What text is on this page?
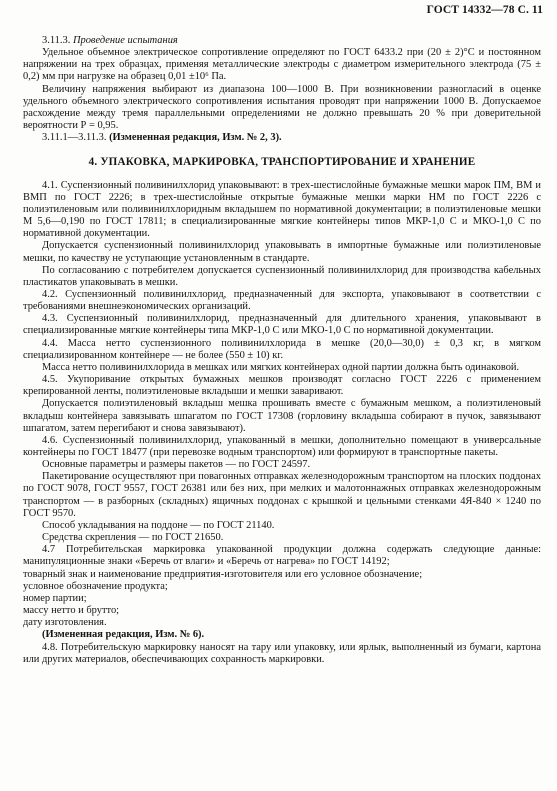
ГОСТ 14332—78 С. 11

3.11.3. Проведение испытания

Удельное объемное электрическое сопротивление определяют по ГОСТ 6433.2 при (20 ± 2)°С и постоянном напряжении на трех образцах, применяя металлические электроды с диаметром измерительного электрода (75 ± 0,2) мм при нагрузке на образец 0,01 ±10⁶ Па.

Величину напряжения выбирают из диапазона 100—1000 В. При возникновении разногласий в оценке удельного объемного электрического сопротивления испытания проводят при напряжении 1000 В. Допускаемое расхождение между тремя параллельными определениями не должно превышать 20 % при доверительной вероятности Р = 0,95.

3.11.1—3.11.3. (Измененная редакция, Изм. № 2, 3).

4. УПАКОВКА, МАРКИРОВКА, ТРАНСПОРТИРОВАНИЕ И ХРАНЕНИЕ

4.1. Суспензионный поливинилхлорид упаковывают: в трех-шестислойные бумажные мешки марок ПМ, ВМ и ВМП по ГОСТ 2226; в трех-шестислойные открытые бумажные мешки марки НМ по ГОСТ 2226 с полиэтиленовым или поливинилхлоридным вкладышем по нормативной документации; в полиэтиленовые мешки М 5,6—0,190 по ГОСТ 17811; в специализированные мягкие контейнеры типов МКР-1,0 С и МКО-1,0 С по нормативной документации.

Допускается суспензионный поливинилхлорид упаковывать в импортные бумажные или полиэтиленовые мешки, по качеству не уступающие установленным в стандарте.

По согласованию с потребителем допускается суспензионный поливинилхлорид для производства кабельных пластикатов упаковывать в мешки.

4.2. Суспензионный поливинилхлорид, предназначенный для экспорта, упаковывают в соответствии с требованиями внешнеэкономических организаций.

4.3. Суспензионный поливинилхлорид, предназначенный для длительного хранения, упаковывают в специализированные мягкие контейнеры типа МКР-1,0 С или МКО-1,0 С по нормативной документации.

4.4. Масса нетто суспензионного поливинилхлорида в мешке (20,0—30,0) ± 0,3 кг, в мягком специализированном контейнере — не более (550 ± 10) кг.

Масса нетто поливинилхлорида в мешках или мягких контейнерах одной партии должна быть одинаковой.

4.5. Укупоривание открытых бумажных мешков производят согласно ГОСТ 2226 с применением крепированной ленты, полиэтиленовые вкладыши и мешки заваривают.

Допускается полиэтиленовый вкладыш мешка прошивать вместе с бумажным мешком, а полиэтиленовый вкладыш контейнера завязывать шпагатом по ГОСТ 17308 (горловину вкладыша собирают в пучок, завязывают шпагатом, затем перегибают и снова завязывают).

4.6. Суспензионный поливинилхлорид, упакованный в мешки, дополнительно помещают в универсальные контейнеры по ГОСТ 18477 (при перевозке водным транспортом) или формируют в транспортные пакеты.

Основные параметры и размеры пакетов — по ГОСТ 24597.

Пакетирование осуществляют при повагонных отправках железнодорожным транспортом на плоских поддонах по ГОСТ 9078, ГОСТ 9557, ГОСТ 26381 или без них, при мелких и малотоннажных отправках железнодорожным транспортом — в разборных (складных) ящичных поддонах с крышкой и цельными стенками 4Я-840 × 1240 по ГОСТ 9570.

Способ укладывания на поддоне — по ГОСТ 21140.

Средства скрепления — по ГОСТ 21650.

4.7 Потребительская маркировка упакованной продукции должна содержать следующие данные: манипуляционные знаки «Беречь от влаги» и «Беречь от нагрева» по ГОСТ 14192;

товарный знак и наименование предприятия-изготовителя или его условное обозначение;

условное обозначение продукта;

номер партии;

массу нетто и брутто;

дату изготовления.

(Измененная редакция, Изм. № 6).

4.8. Потребительскую маркировку наносят на тару или упаковку, или ярлык, выполненный из бумаги, картона или других материалов, обеспечивающих сохранность маркировки.
